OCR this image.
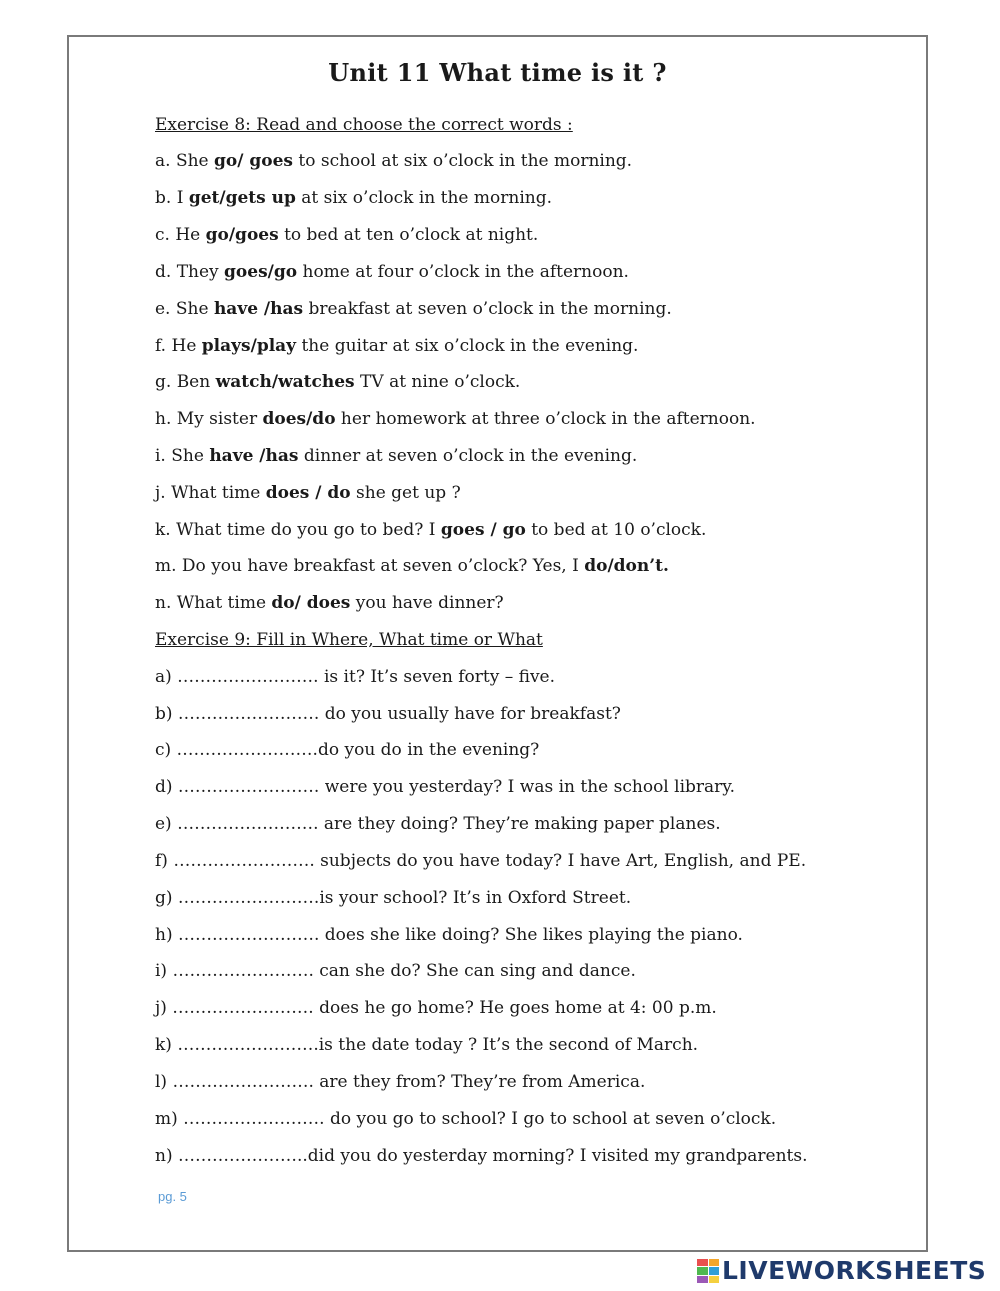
Unit 11 What time is it ?
Exercise 8: Read and choose the correct words :
a. She go/ goes to school at six o’clock in the morning.
b. I get/gets up at six o’clock in the morning.
c. He go/goes to bed at ten o’clock at night.
d. They goes/go home at four o’clock in the afternoon.
e. She have /has breakfast at seven o’clock in the morning.
f. He plays/play the guitar at six o’clock in the evening.
g. Ben watch/watches TV at nine o’clock.
h. My sister does/do her homework at three o’clock in the afternoon.
i. She have /has dinner at seven o’clock in the evening.
j. What time does / do she get up ?
k. What time do you go to bed? I goes / go to bed at 10 o’clock.
m. Do you have breakfast at seven o’clock? Yes, I do/don’t.
n. What time do/ does you have dinner?
Exercise 9: Fill in Where, What time or What
a) ……………………. is it? It’s seven forty – five.
b) ……………………. do you usually have for breakfast?
c) …………………….do you do in the evening?
d) ……………………. were you yesterday? I was in the school library.
e) ……………………. are they doing? They’re making paper planes.
f) ……………………. subjects do you have today? I have Art, English, and PE.
g) …………………….is your school? It’s in Oxford Street.
h) ……………………. does she like doing? She likes playing the piano.
i) ……………………. can she do? She can sing and dance.
j) ……………………. does he go home? He goes home at 4: 00 p.m.
k) …………………….is the date today ? It’s the second of March.
l) ……………………. are they from? They’re from America.
m) ……………………. do you go to school? I go to school at seven o’clock.
n) …………………..did you do yesterday morning? I visited my grandparents.
pg. 5
LIVEWORKSHEETS
